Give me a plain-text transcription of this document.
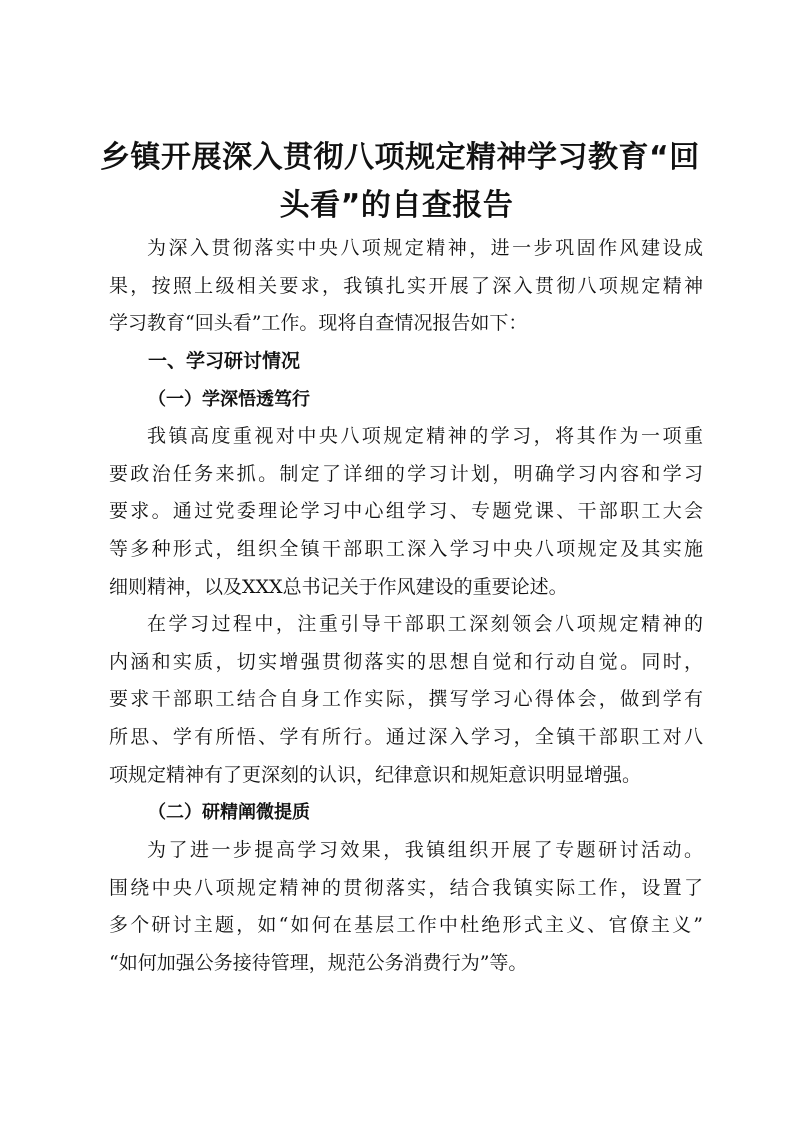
乡镇开展深入贯彻八项规定精神学习教育“回
头看”的自查报告

为深入贯彻落实中央八项规定精神，进一步巩固作风建设成
果，按照上级相关要求，我镇扎实开展了深入贯彻八项规定精神
学习教育“回头看”工作。现将自查情况报告如下：

一、学习研讨情况
（一）学深悟透笃行

我镇高度重视对中央八项规定精神的学习，将其作为一项重
要政治任务来抓。制定了详细的学习计划，明确学习内容和学习
要求。通过党委理论学习中心组学习、专题党课、干部职工大会
等多种形式，组织全镇干部职工深入学习中央八项规定及其实施
细则精神，以及XXX总书记关于作风建设的重要论述。

在学习过程中，注重引导干部职工深刻领会八项规定精神的
内涵和实质，切实增强贯彻落实的思想自觉和行动自觉。同时，
要求干部职工结合自身工作实际，撰写学习心得体会，做到学有
所思、学有所悟、学有所行。通过深入学习，全镇干部职工对八
项规定精神有了更深刻的认识，纪律意识和规矩意识明显增强。

（二）研精阐微提质

为了进一步提高学习效果，我镇组织开展了专题研讨活动。
围绕中央八项规定精神的贯彻落实，结合我镇实际工作，设置了
多个研讨主题，如“如何在基层工作中杜绝形式主义、官僚主义”
“如何加强公务接待管理，规范公务消费行为”等。
